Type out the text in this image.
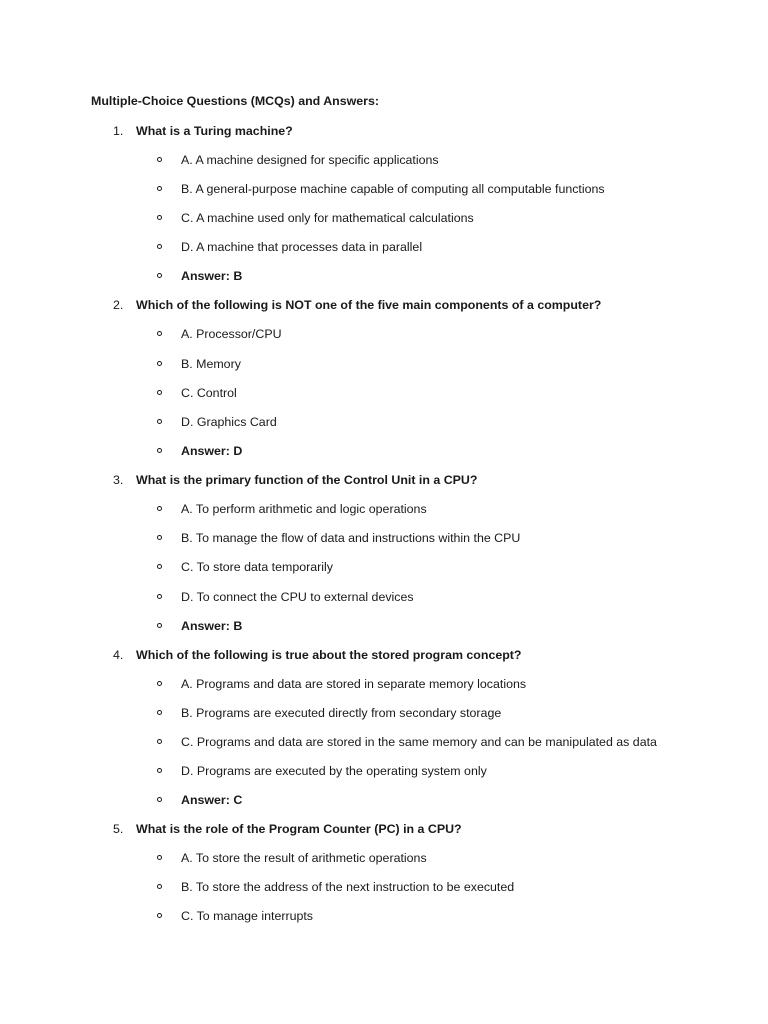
Multiple-Choice Questions (MCQs) and Answers:
1.	What is a Turing machine?
A. A machine designed for specific applications
B. A general-purpose machine capable of computing all computable functions
C. A machine used only for mathematical calculations
D. A machine that processes data in parallel
Answer: B
2.	Which of the following is NOT one of the five main components of a computer?
A. Processor/CPU
B. Memory
C. Control
D. Graphics Card
Answer: D
3.	What is the primary function of the Control Unit in a CPU?
A. To perform arithmetic and logic operations
B. To manage the flow of data and instructions within the CPU
C. To store data temporarily
D. To connect the CPU to external devices
Answer: B
4.	Which of the following is true about the stored program concept?
A. Programs and data are stored in separate memory locations
B. Programs are executed directly from secondary storage
C. Programs and data are stored in the same memory and can be manipulated as data
D. Programs are executed by the operating system only
Answer: C
5.	What is the role of the Program Counter (PC) in a CPU?
A. To store the result of arithmetic operations
B. To store the address of the next instruction to be executed
C. To manage interrupts
